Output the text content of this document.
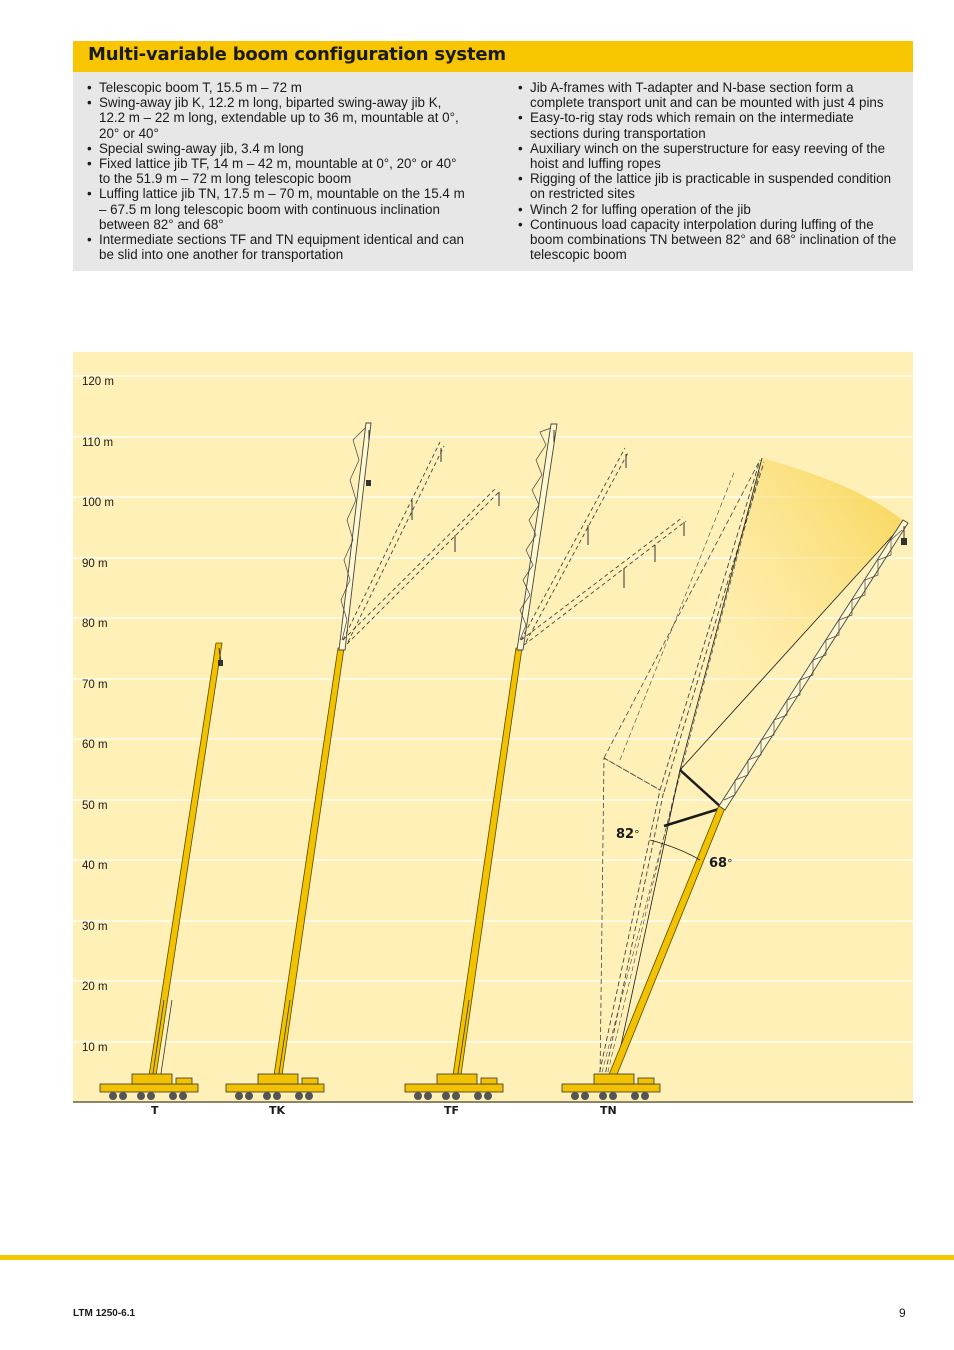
Multi-variable boom configuration system
• Telescopic boom T, 15.5 m – 72 m
• Swing-away jib K, 12.2 m long, biparted swing-away jib K, 12.2 m – 22 m long, extendable up to 36 m, mountable at 0°, 20° or 40°
• Special swing-away jib, 3.4 m long
• Fixed lattice jib TF, 14 m – 42 m, mountable at 0°, 20° or 40° to the 51.9 m – 72 m long telescopic boom
• Luffing lattice jib TN, 17.5 m – 70 m, mountable on the 15.4 m – 67.5 m long telescopic boom with continuous inclination between 82° and 68°
• Intermediate sections TF and TN equipment identical and can be slid into one another for transportation
• Jib A-frames with T-adapter and N-base section form a complete transport unit and can be mounted with just 4 pins
• Easy-to-rig stay rods which remain on the intermediate sections during transportation
• Auxiliary winch on the superstructure for easy reeving of the hoist and luffing ropes
• Rigging of the lattice jib is practicable in suspended condition on restricted sites
• Winch 2 for luffing operation of the jib
• Continuous load capacity interpolation during luffing of the boom combinations TN between 82° and 68° inclination of the telescopic boom
120 m
110 m
100 m
90 m
80 m
70 m
60 m
50 m
40 m
30 m
20 m
10 m
T	TK	TF	TN
82°
68°
LTM 1250-6.1	9
